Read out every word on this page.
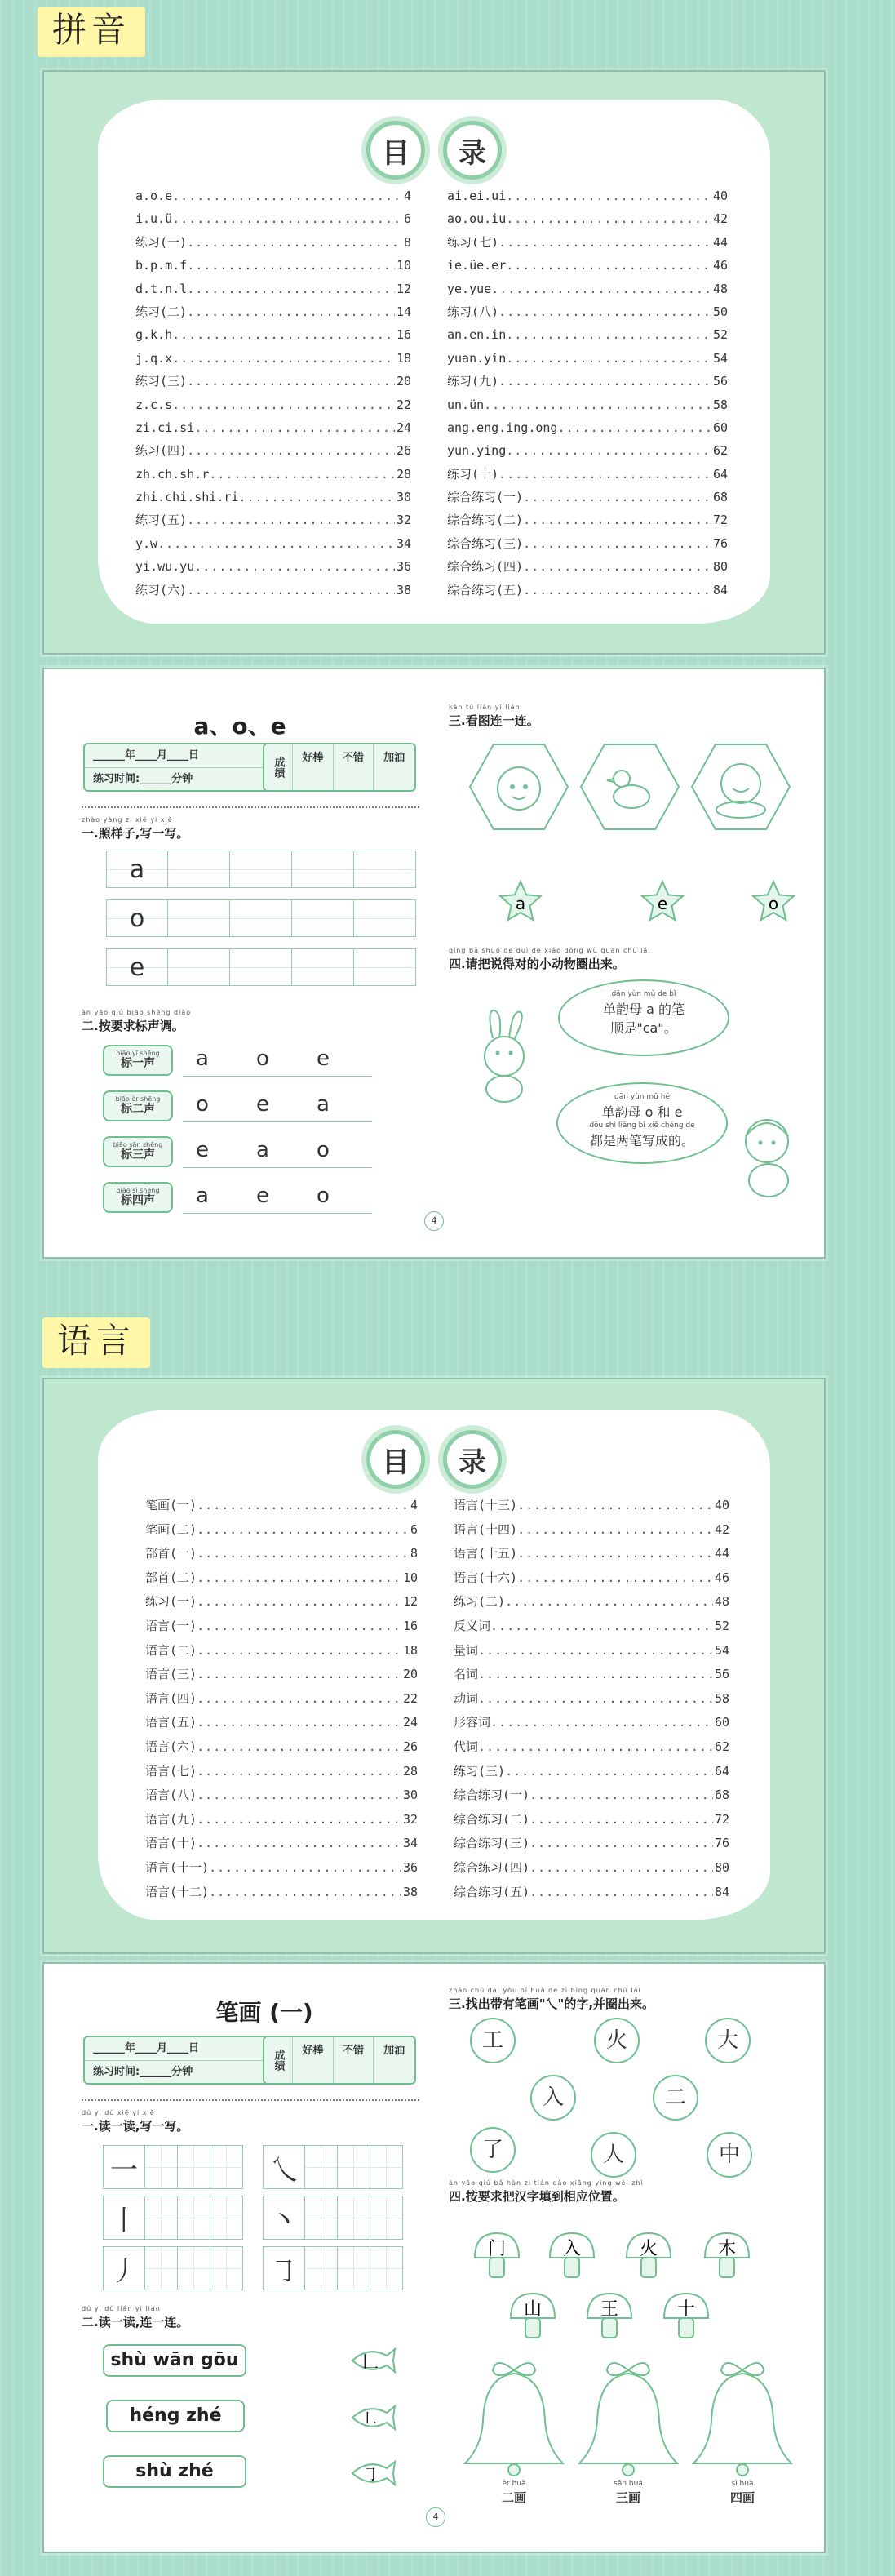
拼音
目	录
a.o.e .....	4
i.u.ü .....	6
练习(一) .....	8
b.p.m.f .....	10
d.t.n.l .....	12
练习(二) .....	14
g.k.h .....	16
j.q.x .....	18
练习(三) .....	20
z.c.s .....	22
zi.ci.si .....	24
练习(四) .....	26
zh.ch.sh.r .....	28
zhi.chi.shi.ri .....	30
练习(五) .....	32
y.w .....	34
yi.wu.yu .....	36
练习(六) .....	38
ai.ei.ui .....	40
ao.ou.iu .....	42
练习(七) .....	44
ie.üe.er .....	46
ye.yue .....	48
练习(八) .....	50
an.en.in .....	52
yuan.yin .....	54
练习(九) .....	56
un.ün .....	58
ang.eng.ing.ong .....	60
yun.ying .....	62
练习(十) .....	64
综合练习(一) .....	68
综合练习(二) .....	72
综合练习(三) .....	76
综合练习(四) .....	80
综合练习(五) .....	84
a、o、e
______年____月____日
练习时间:______分钟
成绩	好棒	不错	加油
zhào yàng zi xiě yi xiě
一.照样子,写一写。
a
o
e
àn yāo qiú biāo shēng diào
二.按要求标声调。
kàn tú lián yi lián
三.看图连一连。
qǐng bǎ shuō de duì de xiǎo dòng wù quān chū lái
四.请把说得对的小动物圈出来。
dān yùn mǔ de bǐ
单韵母 a 的笔
顺是"ca"。
dān yùn mǔ hé
单韵母 o 和 e
dōu shì liǎng bǐ xiě chéng de
都是两笔写成的。
4
biāo yī shēng
标一声	a o e
biāo èr shēng
标二声	o e a
biāo sān shēng
标三声	e a o
biāo sì shēng
标四声	a e o
a	e	o
语言
目	录
笔画(一) .....	4
笔画(二) .....	6
部首(一) .....	8
部首(二) .....	10
练习(一) .....	12
语言(一) .....	16
语言(二) .....	18
语言(三) .....	20
语言(四) .....	22
语言(五) .....	24
语言(六) .....	26
语言(七) .....	28
语言(八) .....	30
语言(九) .....	32
语言(十) .....	34
语言(十一) .....	36
语言(十二) .....	38
语言(十三) .....	40
语言(十四) .....	42
语言(十五) .....	44
语言(十六) .....	46
练习(二) .....	48
反义词 .....	52
量词 .....	54
名词 .....	56
动词 .....	58
形容词 .....	60
代词 .....	62
练习(三) .....	64
综合练习(一) .....	68
综合练习(二) .....	72
综合练习(三) .....	76
综合练习(四) .....	80
综合练习(五) .....	84
笔画 (一)
______年____月____日
练习时间:______分钟
成绩	好棒	不错	加油
dú yi dú xiě yi xiě
一.读一读,写一写。
一
丨
丿
乀
丶
㇆
dú yi dú lián yi lián
二.读一读,连一连。
shù wān gōu
héng zhé
shù zhé
zhǎo chū dài yǒu bǐ huà de zì bìng quān chū lái
三.找出带有笔画"乀"的字,并圈出来。
àn yāo qiú bǎ hàn zì tián dào xiāng yìng wèi zhì
四.按要求把汉字填到相应位置。
4
𠃊
㇗
㇆
工	火	大
入	二
了	人	中
门	入	火	木
山	王	十
èr huà
二画
sān huà
三画
sì huà
四画
